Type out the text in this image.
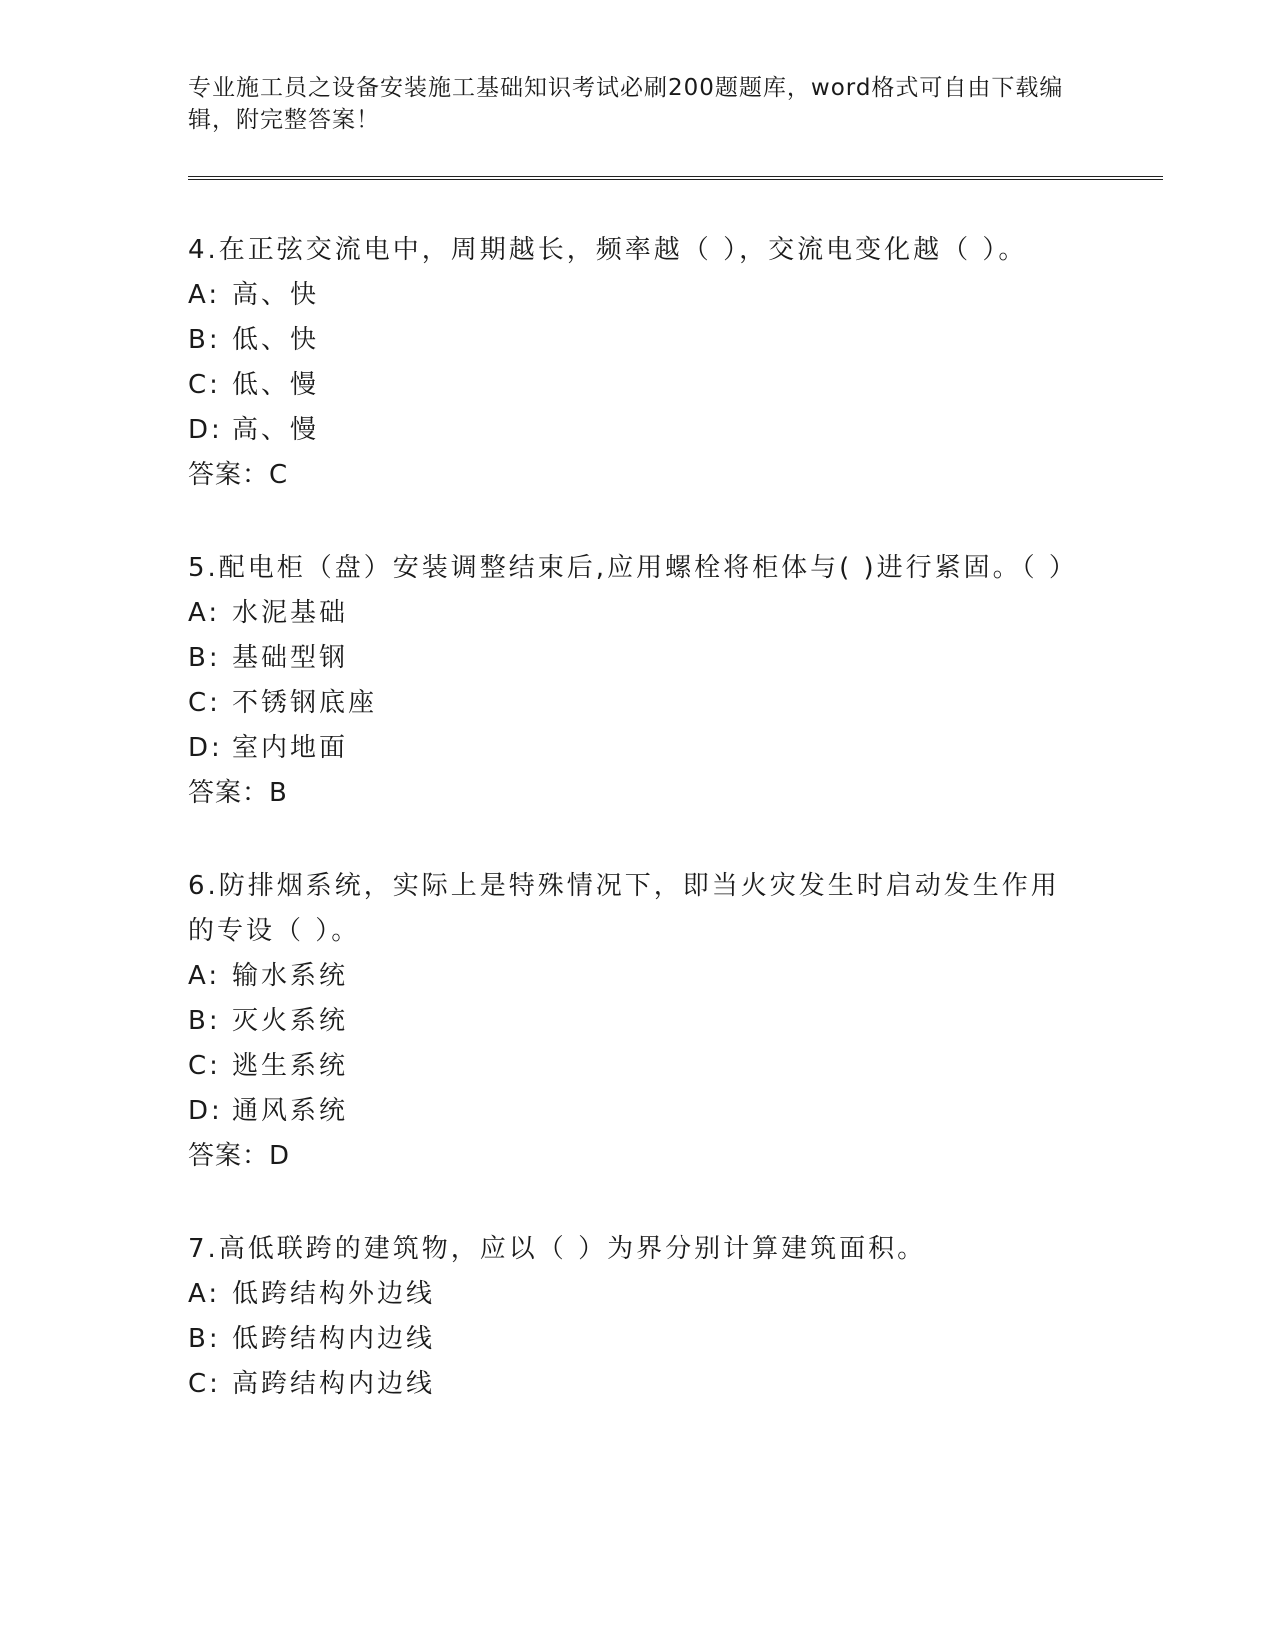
专业施工员之设备安装施工基础知识考试必刷200题题库，word格式可自由下载编辑，附完整答案！

4.在正弦交流电中，周期越长，频率越（ ），交流电变化越（ ）。

A: 高、快

B: 低、快

C: 低、慢

D: 高、慢

答案：C

5.配电柜（盘）安装调整结束后,应用螺栓将柜体与( )进行紧固。（ ）

A: 水泥基础

B: 基础型钢

C: 不锈钢底座

D: 室内地面

答案：B

6.防排烟系统，实际上是特殊情况下，即当火灾发生时启动发生作用的专设（ ）。

A: 输水系统

B: 灭火系统

C: 逃生系统

D: 通风系统

答案：D

7.高低联跨的建筑物，应以（ ）为界分别计算建筑面积。

A: 低跨结构外边线

B: 低跨结构内边线

C: 高跨结构内边线
